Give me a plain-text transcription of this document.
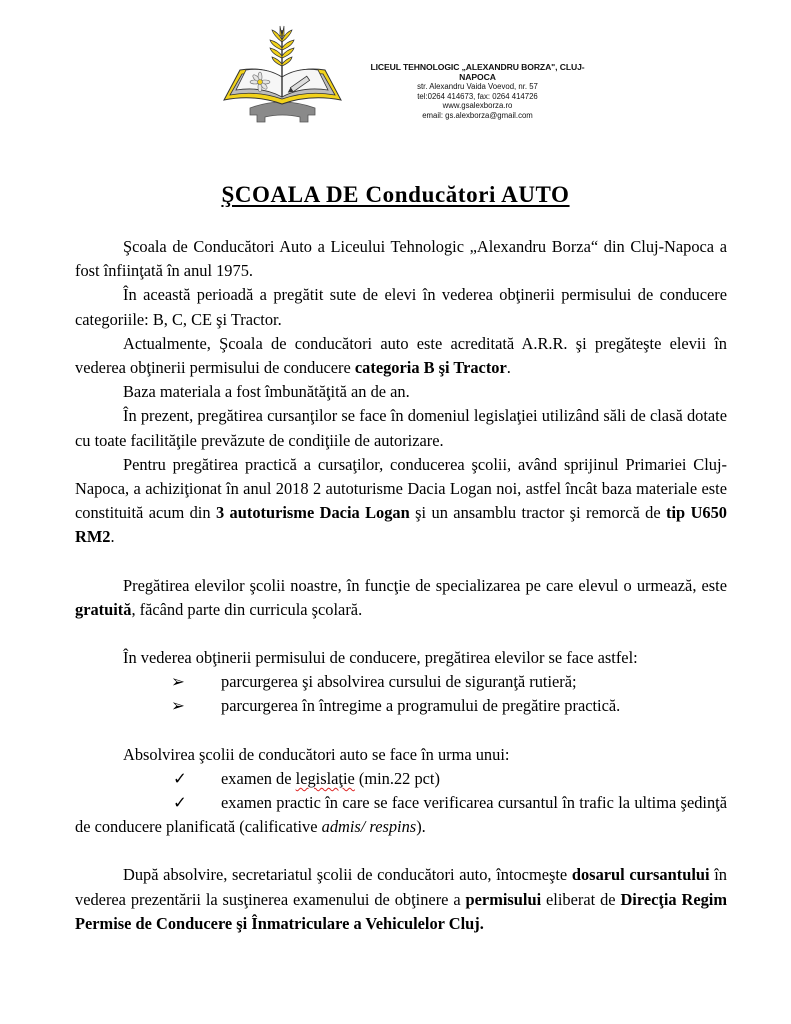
LICEUL TEHNOLOGIC „ALEXANDRU BORZA", CLUJ-NAPOCA
str. Alexandru Vaida Voevod, nr. 57
tel:0264 414673, fax: 0264 414726
www.gsalexborza.ro
email: gs.alexborza@gmail.com
ŞCOALA DE Conducători AUTO

Şcoala de Conducători Auto a Liceului Tehnologic „Alexandru Borza“ din Cluj-Napoca a fost înfiinţată în anul 1975.

În această perioadă a pregătit sute de elevi în vederea obţinerii permisului de conducere categoriile: B, C, CE şi Tractor.

Actualmente, Şcoala de conducători auto este acreditată A.R.R. şi pregăteşte elevii în vederea obţinerii permisului de conducere categoria B şi Tractor.

Baza materiala a fost îmbunătăţită an de an.

În prezent, pregătirea cursanţilor se face în domeniul legislaţiei utilizând săli de clasă dotate cu toate facilităţile prevăzute de condiţiile de autorizare.

Pentru pregătirea practică a cursaţilor, conducerea şcolii, având sprijinul Primariei Cluj-Napoca, a achiziţionat în anul 2018 2 autoturisme Dacia Logan noi, astfel încât baza materiale este constituită acum din 3 autoturisme Dacia Logan şi un ansamblu tractor şi remorcă de tip U650 RM2.

Pregătirea elevilor şcolii noastre, în funcţie de specializarea pe care elevul o urmează, este gratuită, făcând parte din curricula şcolară.

În vederea obţinerii permisului de conducere, pregătirea elevilor se face astfel:

➢ parcurgerea şi absolvirea cursului de siguranţă rutieră;

➢ parcurgerea în întregime a programului de pregătire practică.

Absolvirea şcolii de conducători auto se face în urma unui:

✓ examen de legislaţie (min.22 pct)

✓ examen practic în care se face verificarea cursantul în trafic la ultima şedinţă de conducere planificată (calificative admis/ respins).

După absolvire, secretariatul şcolii de conducători auto, întocmeşte dosarul cursantului în vederea prezentării la susţinerea examenului de obţinere a permisului eliberat de Direcţia Regim Permise de Conducere şi Înmatriculare a Vehiculelor Cluj.
